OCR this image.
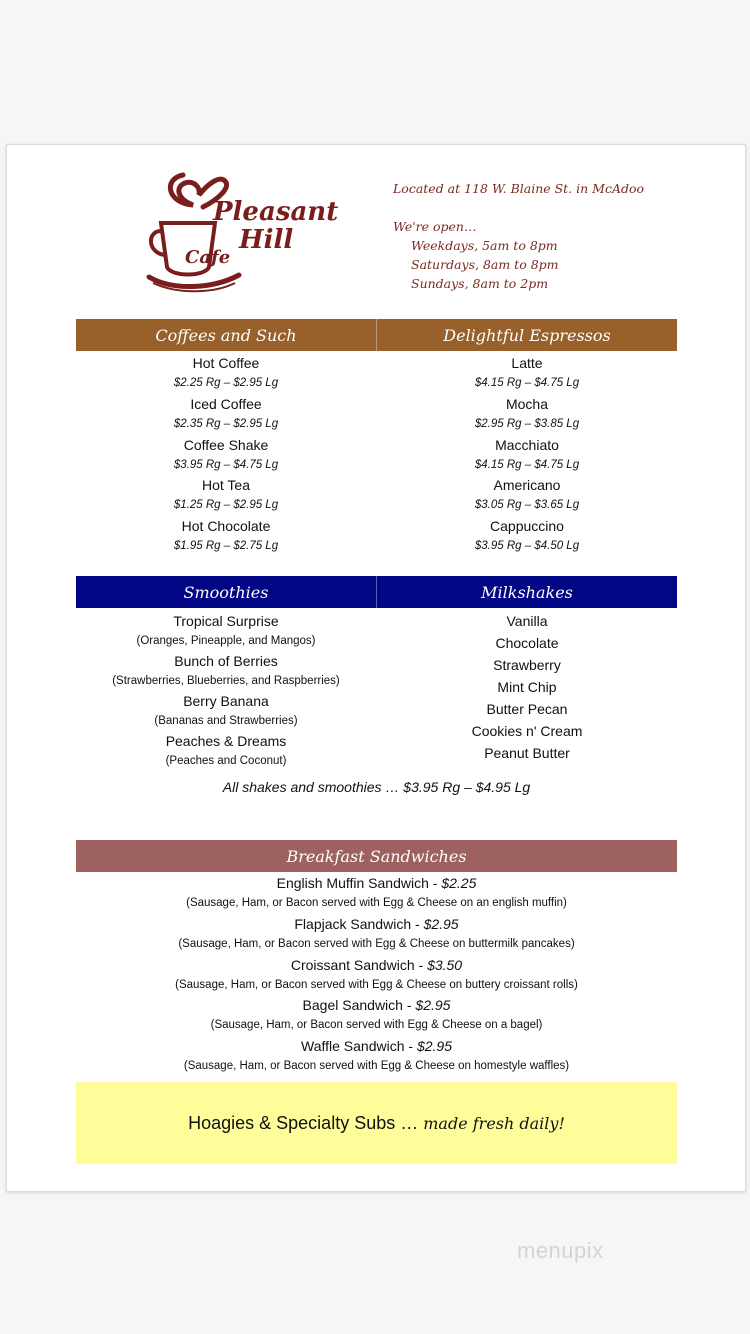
Pleasant
Hill
Cafe
Located at 118 W. Blaine St. in McAdoo
We're open…
Weekdays, 5am to 8pm
Saturdays, 8am to 8pm
Sundays, 8am to 2pm
Coffees and Such	Delightful Espressos
Hot Coffee
$2.25 Rg – $2.95 Lg
Iced Coffee
$2.35 Rg – $2.95 Lg
Coffee Shake
$3.95 Rg – $4.75 Lg
Hot Tea
$1.25 Rg – $2.95 Lg
Hot Chocolate
$1.95 Rg – $2.75 Lg
Latte
$4.15 Rg – $4.75 Lg
Mocha
$2.95 Rg – $3.85 Lg
Macchiato
$4.15 Rg – $4.75 Lg
Americano
$3.05 Rg – $3.65 Lg
Cappuccino
$3.95 Rg – $4.50 Lg
Smoothies	Milkshakes
Tropical Surprise
(Oranges, Pineapple, and Mangos)
Bunch of Berries
(Strawberries, Blueberries, and Raspberries)
Berry Banana
(Bananas and Strawberries)
Peaches & Dreams
(Peaches and Coconut)
Vanilla
Chocolate
Strawberry
Mint Chip
Butter Pecan
Cookies n' Cream
Peanut Butter
All shakes and smoothies … $3.95 Rg – $4.95 Lg
Breakfast Sandwiches
English Muffin Sandwich - $2.25
(Sausage, Ham, or Bacon served with Egg & Cheese on an english muffin)
Flapjack Sandwich - $2.95
(Sausage, Ham, or Bacon served with Egg & Cheese on buttermilk pancakes)
Croissant Sandwich - $3.50
(Sausage, Ham, or Bacon served with Egg & Cheese on buttery croissant rolls)
Bagel Sandwich - $2.95
(Sausage, Ham, or Bacon served with Egg & Cheese on a bagel)
Waffle Sandwich - $2.95
(Sausage, Ham, or Bacon served with Egg & Cheese on homestyle waffles)
Hoagies & Specialty Subs …
made fresh daily!
menupix
